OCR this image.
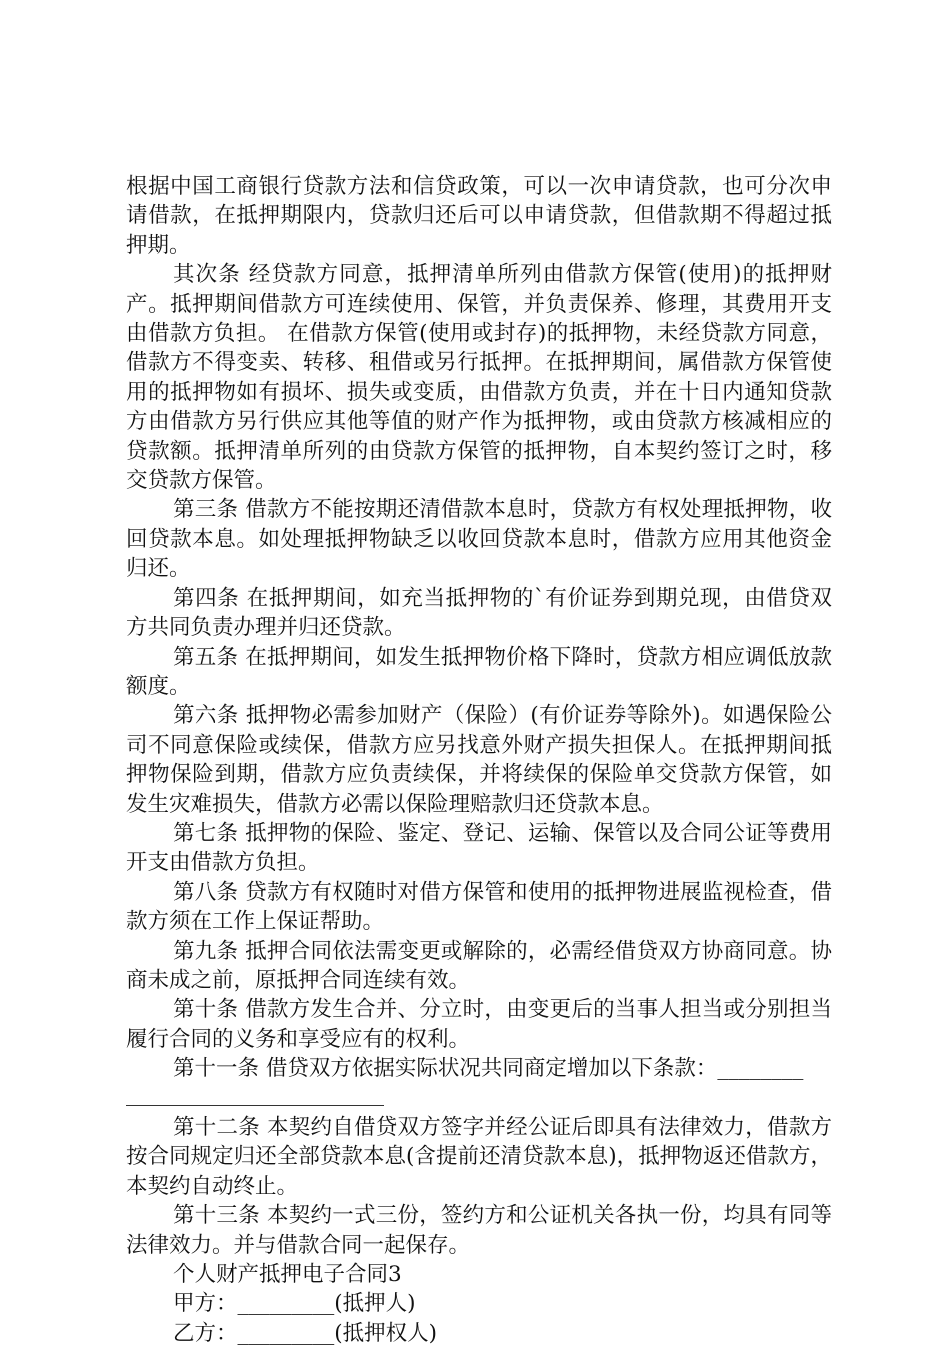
根据中国工商银行贷款方法和信贷政策，可以一次申请贷款，也可分次申请借款，在抵押期限内，贷款归还后可以申请贷款，但借款期不得超过抵押期。

其次条 经贷款方同意，抵押清单所列由借款方保管(使用)的抵押财产。抵押期间借款方可连续使用、保管，并负责保养、修理，其费用开支由借款方负担。 在借款方保管(使用或封存)的抵押物，未经贷款方同意，借款方不得变卖、转移、租借或另行抵押。在抵押期间，属借款方保管使用的抵押物如有损坏、损失或变质，由借款方负责，并在十日内通知贷款方由借款方另行供应其他等值的财产作为抵押物，或由贷款方核减相应的贷款额。抵押清单所列的由贷款方保管的抵押物，自本契约签订之时，移交贷款方保管。

第三条 借款方不能按期还清借款本息时，贷款方有权处理抵押物，收回贷款本息。如处理抵押物缺乏以收回贷款本息时，借款方应用其他资金归还。

第四条 在抵押期间，如充当抵押物的`有价证券到期兑现，由借贷双方共同负责办理并归还贷款。

第五条 在抵押期间，如发生抵押物价格下降时，贷款方相应调低放款额度。

第六条 抵押物必需参加财产（保险）(有价证券等除外)。如遇保险公司不同意保险或续保，借款方应另找意外财产损失担保人。在抵押期间抵押物保险到期，借款方应负责续保，并将续保的保险单交贷款方保管，如发生灾难损失，借款方必需以保险理赔款归还贷款本息。

第七条 抵押物的保险、鉴定、登记、运输、保管以及合同公证等费用开支由借款方负担。

第八条 贷款方有权随时对借方保管和使用的抵押物进展监视检查，借款方须在工作上保证帮助。

第九条 抵押合同依法需变更或解除的，必需经借贷双方协商同意。协商未成之前，原抵押合同连续有效。

第十条 借款方发生合并、分立时，由变更后的当事人担当或分别担当履行合同的义务和享受应有的权利。

第十一条 借贷双方依据实际状况共同商定增加以下条款：________

第十二条 本契约自借贷双方签字并经公证后即具有法律效力，借款方按合同规定归还全部贷款本息(含提前还清贷款本息)，抵押物返还借款方，本契约自动终止。

第十三条 本契约一式三份，签约方和公证机关各执一份，均具有同等法律效力。并与借款合同一起保存。

个人财产抵押电子合同3

甲方：_________(抵押人)

乙方：_________(抵押权人)
